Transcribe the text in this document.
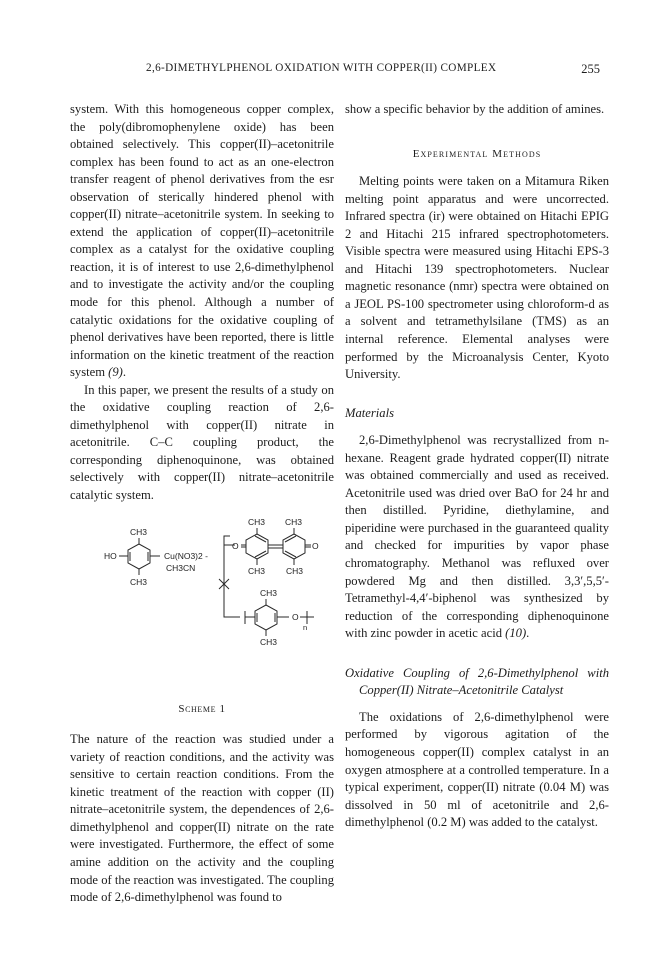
2,6-DIMETHYLPHENOL OXIDATION WITH COPPER(II) COMPLEX	255

system. With this homogeneous copper complex, the poly(dibromophenylene oxide) has been obtained selectively. This copper(II)–acetonitrile complex has been found to act as an one-electron transfer reagent of phenol derivatives from the esr observation of sterically hindered phenol with copper(II) nitrate–acetonitrile system. In seeking to extend the application of copper(II)–acetonitrile complex as a catalyst for the oxidative coupling reaction, it is of interest to use 2,6-dimethylphenol and to investigate the activity and/or the coupling mode for this phenol. Although a number of catalytic oxidations for the oxidative coupling of phenol derivatives have been reported, there is little information on the kinetic treatment of the reaction system (9).

In this paper, we present the results of a study on the oxidative coupling reaction of 2,6-dimethylphenol with copper(II) nitrate in acetonitrile. C–C coupling product, the corresponding diphenoquinone, was obtained selectively with copper(II) nitrate–acetonitrile catalytic system.

CH3
CH3
HO	Cu(NO3)2 -
CH3CN
O	O
CH3 CH3
CH3 CH3
CH3
CH3
O
n
Scheme 1

The nature of the reaction was studied under a variety of reaction conditions, and the activity was sensitive to certain reaction conditions. From the kinetic treatment of the reaction with copper (II) nitrate–acetonitrile system, the dependences of 2,6-dimethylphenol and copper(II) nitrate on the rate were investigated. Furthermore, the effect of some amine addition on the activity and the coupling mode of the reaction was investigated. The coupling mode of 2,6-dimethylphenol was found to

show a specific behavior by the addition of amines.

Experimental Methods

Melting points were taken on a Mitamura Riken melting point apparatus and were uncorrected. Infrared spectra (ir) were obtained on Hitachi EPIG 2 and Hitachi 215 infrared spectrophotometers. Visible spectra were measured using Hitachi EPS-3 and Hitachi 139 spectrophotometers. Nuclear magnetic resonance (nmr) spectra were obtained on a JEOL PS-100 spectrometer using chloroform-d as a solvent and tetramethylsilane (TMS) as an internal reference. Elemental analyses were performed by the Microanalysis Center, Kyoto University.

Materials

2,6-Dimethylphenol was recrystallized from n-hexane. Reagent grade hydrated copper(II) nitrate was obtained commercially and used as received. Acetonitrile used was dried over BaO for 24 hr and then distilled. Pyridine, diethylamine, and piperidine were purchased in the guaranteed quality and checked for impurities by vapor phase chromatography. Methanol was refluxed over powdered Mg and then distilled. 3,3′,5,5′-Tetramethyl-4,4′-biphenol was synthesized by reduction of the corresponding diphenoquinone with zinc powder in acetic acid (10).

Oxidative Coupling of 2,6-Dimethylphenol with Copper(II) Nitrate–Acetonitrile Catalyst

The oxidations of 2,6-dimethylphenol were performed by vigorous agitation of the homogeneous copper(II) complex catalyst in an oxygen atmosphere at a controlled temperature. In a typical experiment, copper(II) nitrate (0.04 M) was dissolved in 50 ml of acetonitrile and 2,6-dimethylphenol (0.2 M) was added to the catalyst.
